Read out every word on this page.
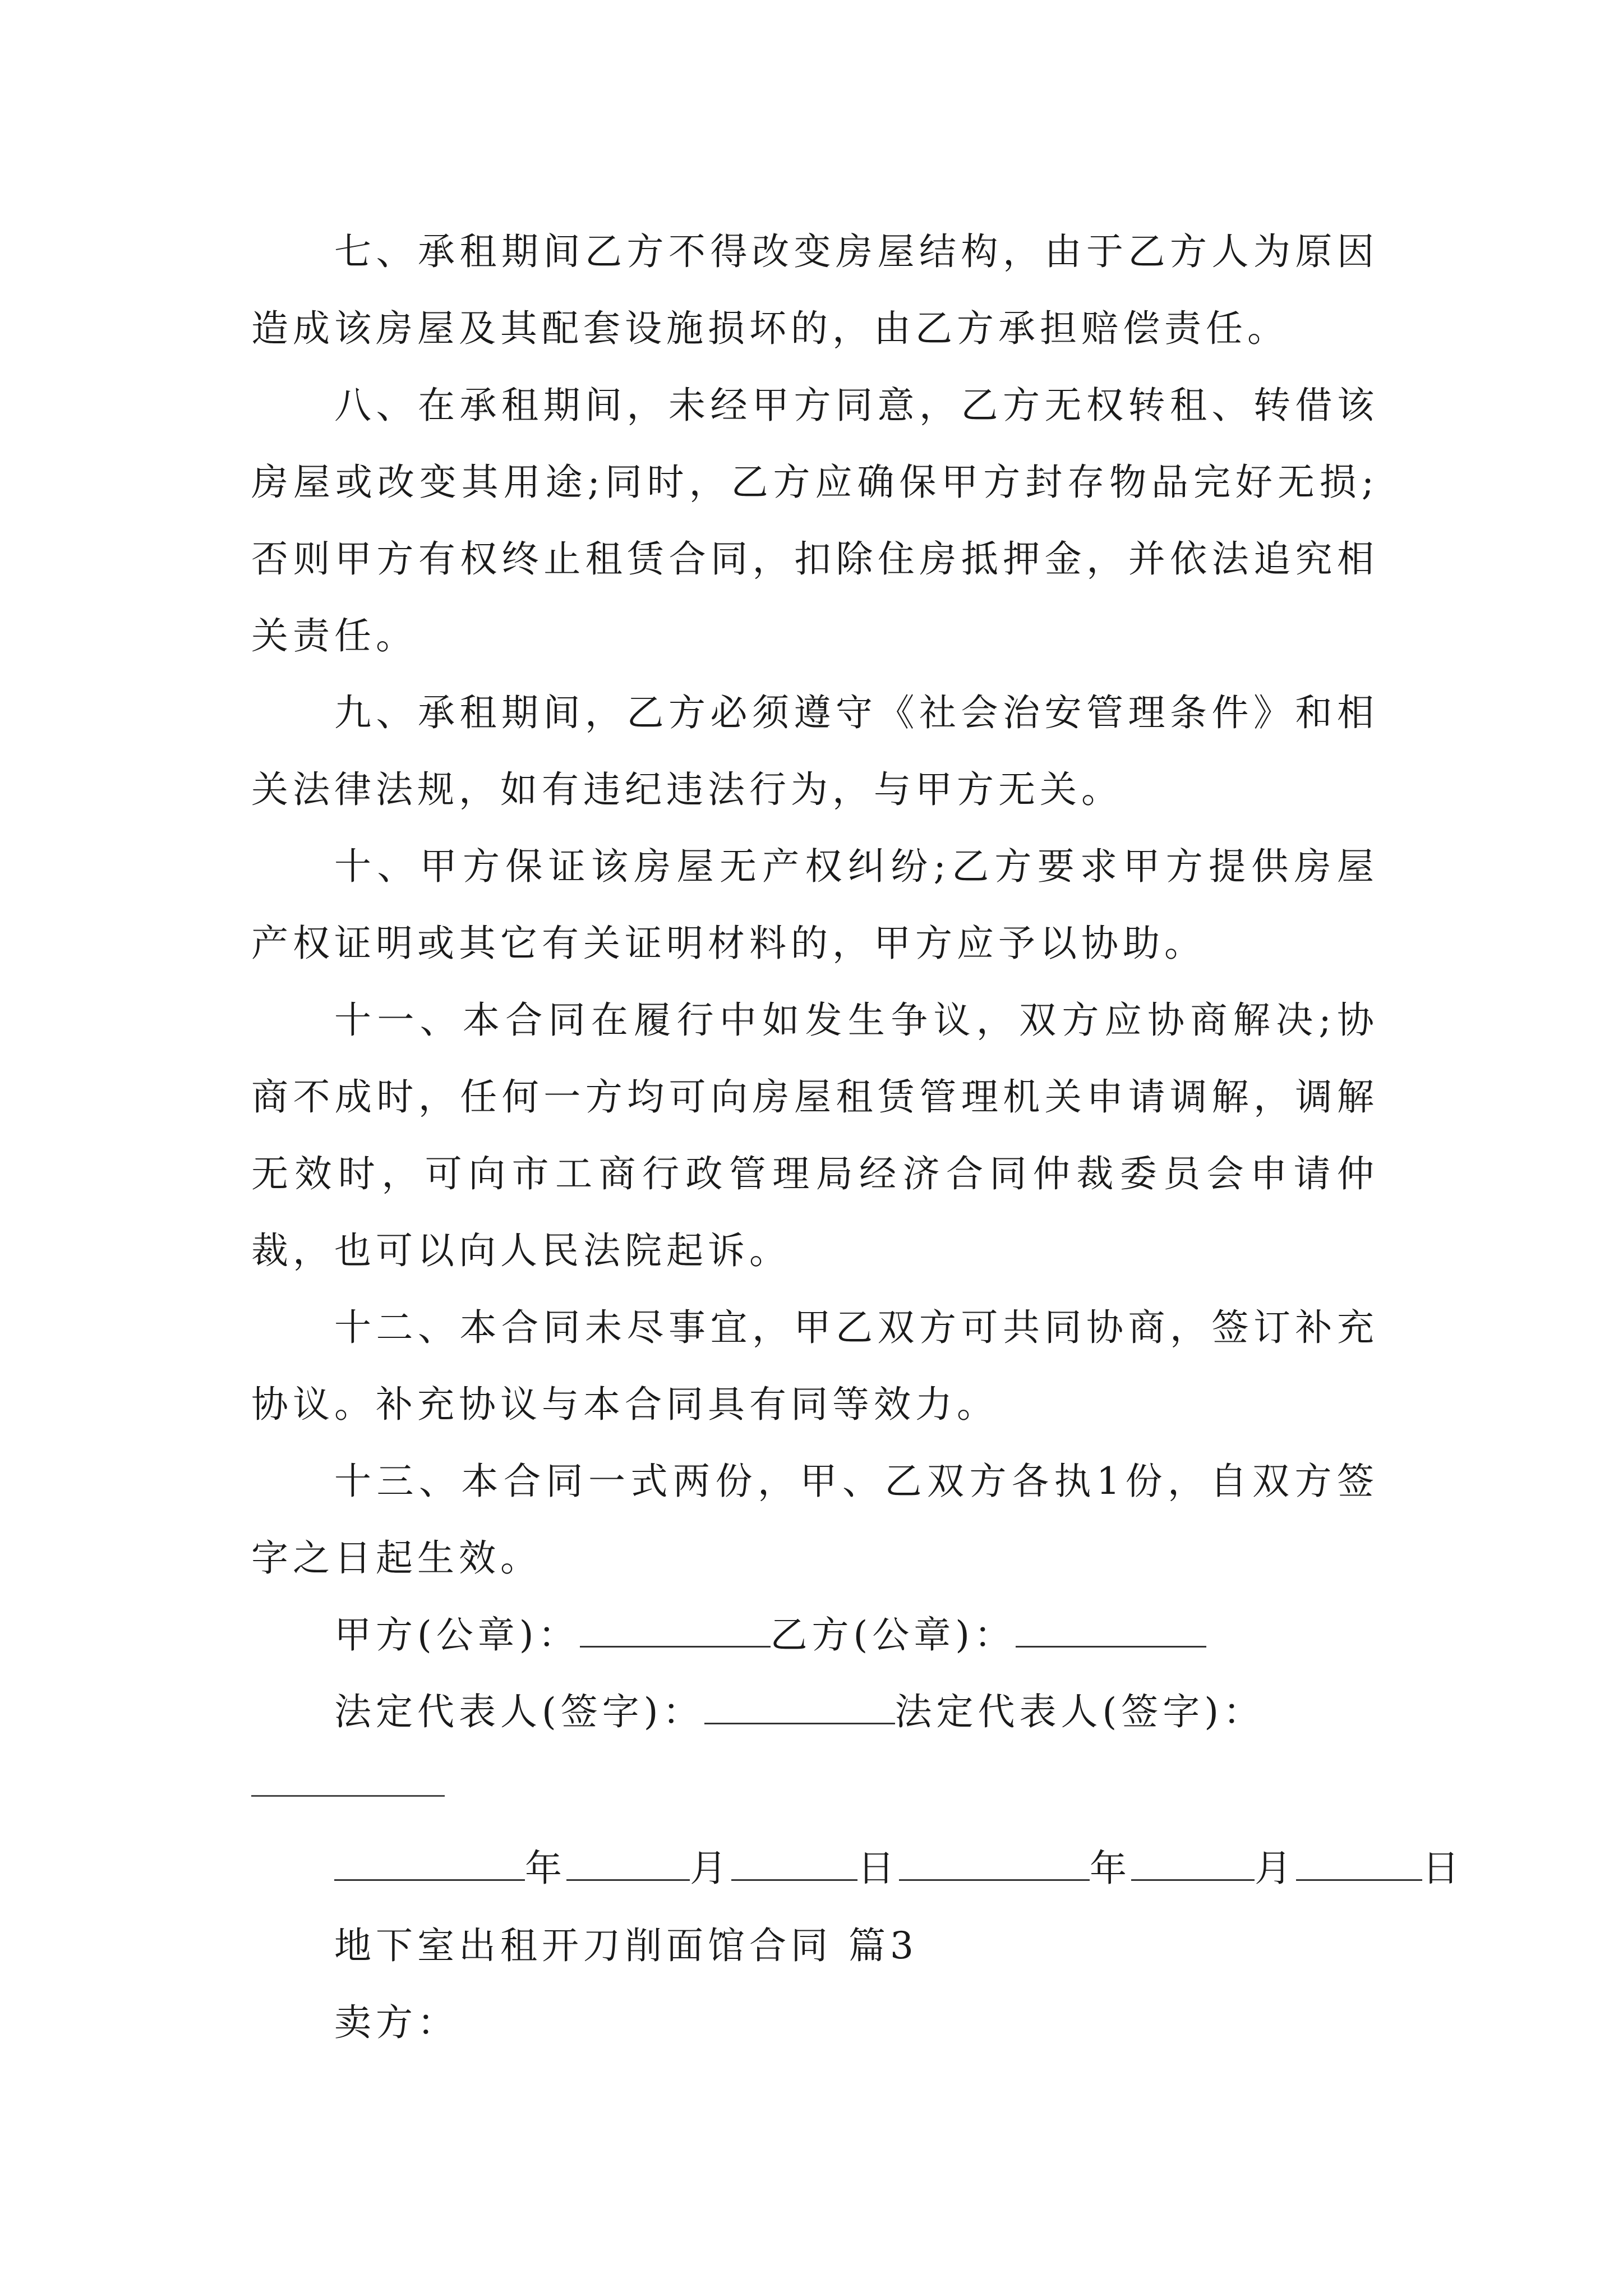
七、承租期间乙方不得改变房屋结构，由于乙方人为原因造成该房屋及其配套设施损坏的，由乙方承担赔偿责任。

八、在承租期间，未经甲方同意，乙方无权转租、转借该房屋或改变其用途;同时，乙方应确保甲方封存物品完好无损;否则甲方有权终止租赁合同，扣除住房抵押金，并依法追究相关责任。

九、承租期间，乙方必须遵守《社会治安管理条件》和相关法律法规，如有违纪违法行为，与甲方无关。

十、甲方保证该房屋无产权纠纷;乙方要求甲方提供房屋产权证明或其它有关证明材料的，甲方应予以协助。

十一、本合同在履行中如发生争议，双方应协商解决;协商不成时，任何一方均可向房屋租赁管理机关申请调解，调解无效时，可向市工商行政管理局经济合同仲裁委员会申请仲裁，也可以向人民法院起诉。

十二、本合同未尽事宜，甲乙双方可共同协商，签订补充协议。补充协议与本合同具有同等效力。

十三、本合同一式两份，甲、乙双方各执1份，自双方签字之日起生效。

甲方(公章)：	乙方(公章)：

法定代表人(签字)：	法定代表人(签字)：

年	月	日	年	月	日
地下室出租开刀削面馆合同 篇3
卖方：
